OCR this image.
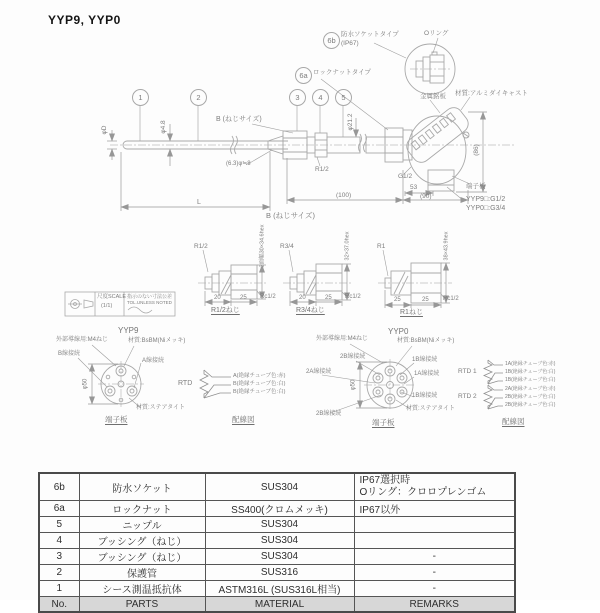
YYP9, YYP0
1	2	3	4	5
6a
6b
防水ソケットタイプ
(IP67)
Oリング
ロックナットタイプ
B (ねじサイズ)
金属銘板 材質:アルミダイキャスト
φD	φ4.8	φ21.2
(86)
(6.3)φ≒8
R1/2
G1/2
53
(90)
(100)
L
端子板
YYP9□:G1/2
YYP0□:G3/4
B (ねじサイズ)
R1/2	2面幅30×34.6hex
20	25 Rc1/2
R1/2ねじ
R3/4	32×37.0hex
20	25 Rc1/2
R3/4ねじ
R1	38×43.9hex
25	25 Rc1/2
R1ねじ
尺度SCALE
(1/1)
指示のない寸法公差
TOL.UNLESS NOTED
YYP9
外部導線用:M4ねじ	材質:BsBM(Niメッキ)
B線接続
A線接続
φ50
材質:ステアタイト
端子板
RTD
A(絶縁チューブ色:赤)
B(絶縁チューブ色:白)
B(絶縁チューブ色:白)
配線図
YYP0
外部導線用:M4ねじ	材質:BsBM(Niメッキ)
2B線接続	1B線接続
2A線接続	1A線接続
1B線接続
2B線接続
φ50
材質:ステアタイト
端子板
RTD 1
RTD 2
1A(絶縁チューブ色:赤)
1B(絶縁チューブ色:白)
1B(絶縁チューブ色:白)
2A(絶縁チューブ色:赤)
2B(絶縁チューブ色:白)
2B(絶縁チューブ色:白)
配線図
6b	防水ソケット	SUS304	IP67選択時
Oリング：クロロプレンゴム

6a	ロックナット	SS400(クロムメッキ)	IP67以外
5	ニップル	SUS304	
4	ブッシング（ねじ）	SUS304	
3	ブッシング（ねじ）	SUS304	-
2	保護管	SUS316	-
1	シース測温抵抗体	ASTM316L (SUS316L相当)	-
No.	PARTS	MATERIAL	REMARKS
